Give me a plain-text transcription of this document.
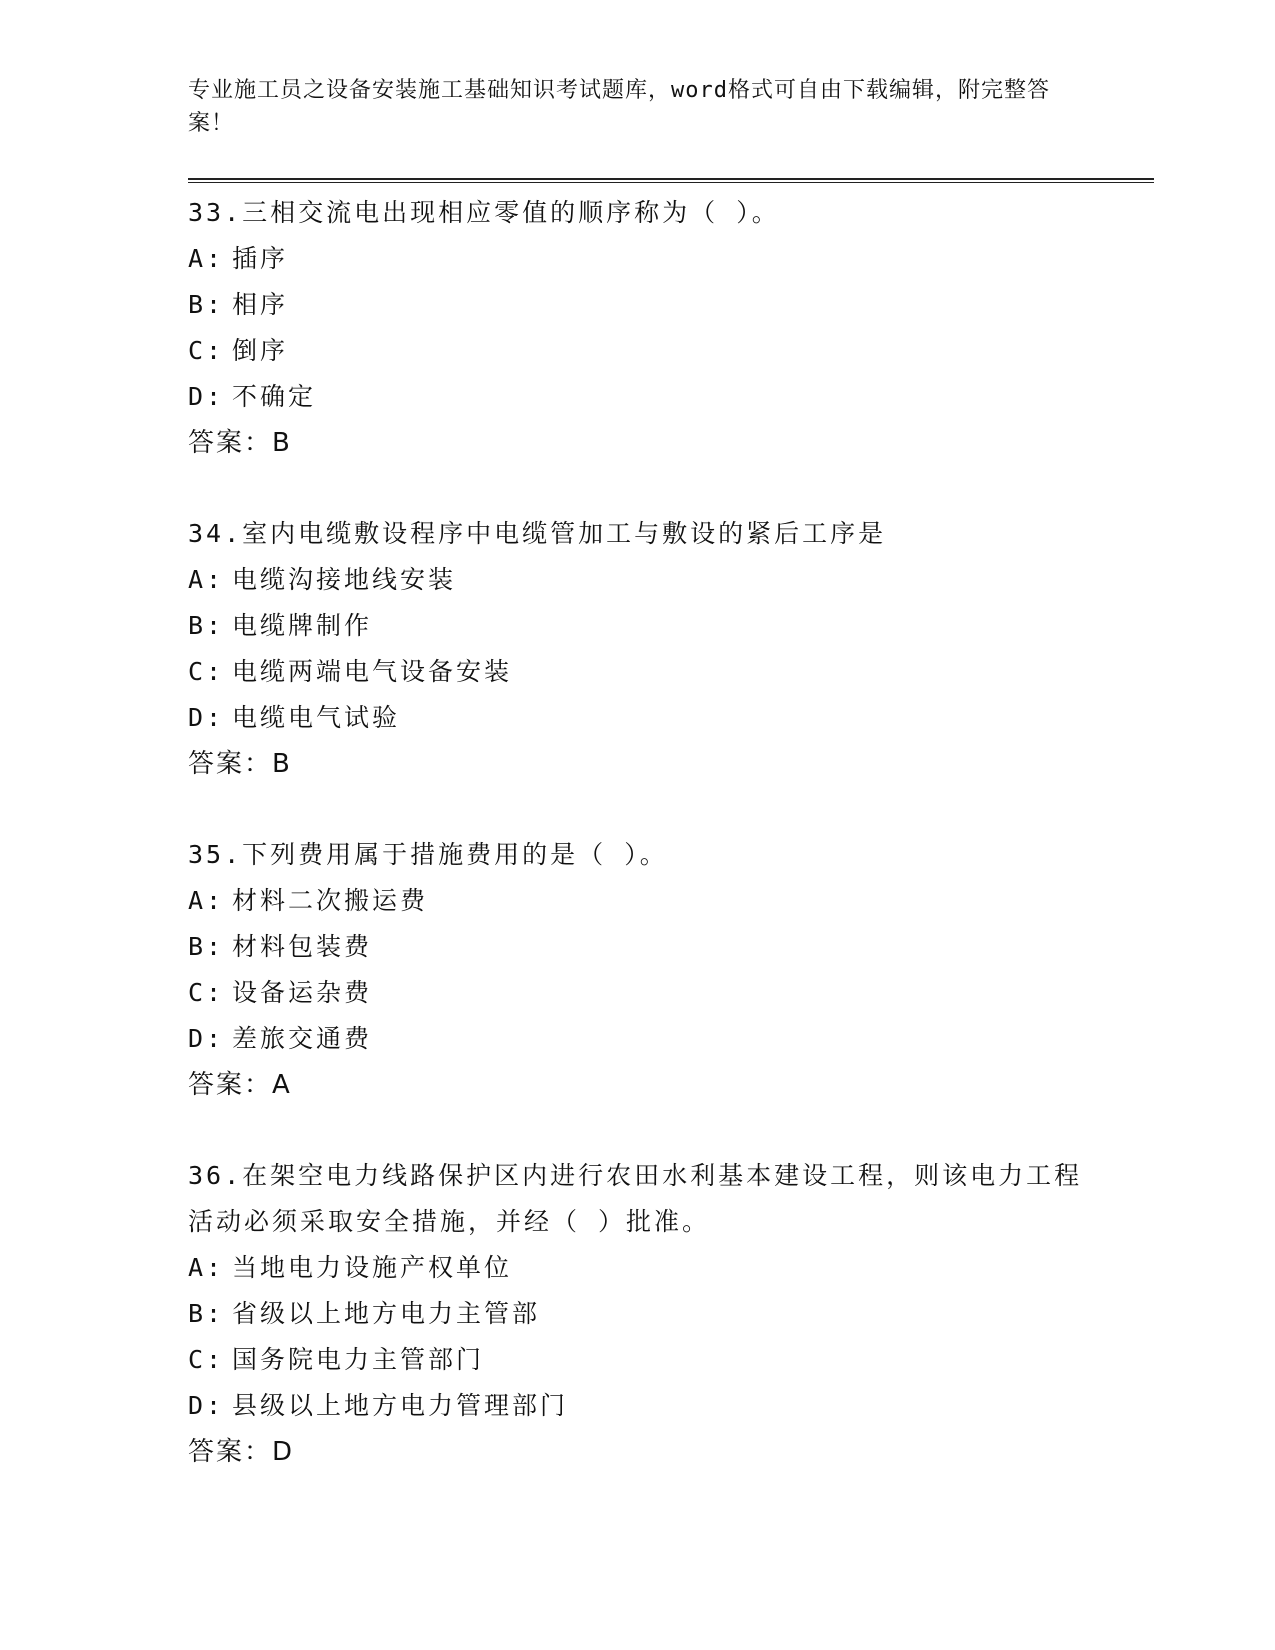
专业施工员之设备安装施工基础知识考试题库，word格式可自由下载编辑，附完整答案！

33.三相交流电出现相应零值的顺序称为（ ）。

A: 插序
B: 相序
C: 倒序
D: 不确定
答案：B

34.室内电缆敷设程序中电缆管加工与敷设的紧后工序是

A: 电缆沟接地线安装
B: 电缆牌制作
C: 电缆两端电气设备安装
D: 电缆电气试验
答案：B

35.下列费用属于措施费用的是（ ）。

A: 材料二次搬运费
B: 材料包装费
C: 设备运杂费
D: 差旅交通费
答案：A

36.在架空电力线路保护区内进行农田水利基本建设工程，则该电力工程活动必须采取安全措施，并经（ ）批准。

A: 当地电力设施产权单位
B: 省级以上地方电力主管部
C: 国务院电力主管部门
D: 县级以上地方电力管理部门
答案：D
